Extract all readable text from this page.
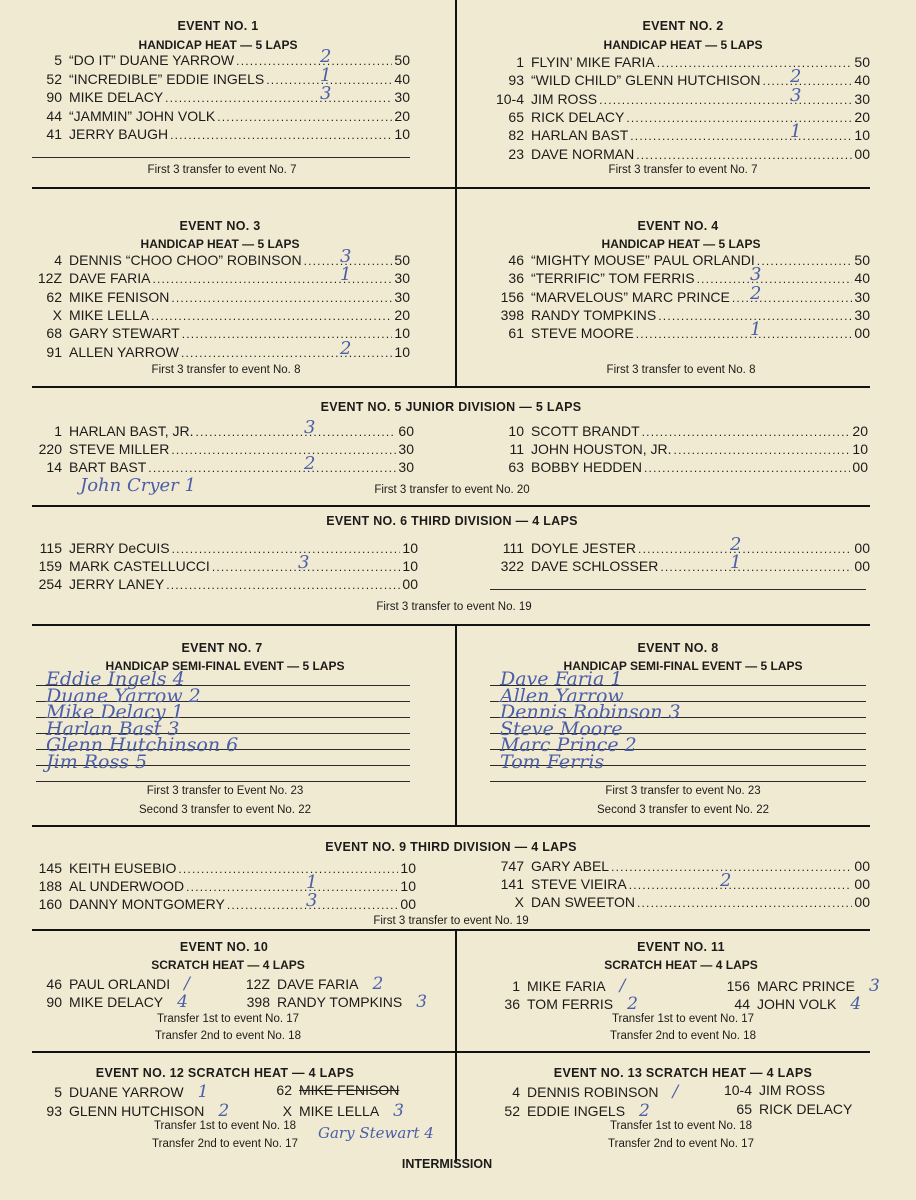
EVENT NO. 1
HANDICAP HEAT — 5 LAPS
First 3 transfer to event No. 7
EVENT NO. 2
HANDICAP HEAT — 5 LAPS
First 3 transfer to event No. 7
EVENT NO. 3
HANDICAP HEAT — 5 LAPS
First 3 transfer to event No. 8
EVENT NO. 4
HANDICAP HEAT — 5 LAPS
First 3 transfer to event No. 8
EVENT NO. 5 JUNIOR DIVISION — 5 LAPS
First 3 transfer to event No. 20
John Cryer 1
EVENT NO. 6 THIRD DIVISION — 4 LAPS
First 3 transfer to event No. 19
EVENT NO. 7
HANDICAP SEMI-FINAL EVENT — 5 LAPS
First 3 transfer to Event No. 23
Second 3 transfer to event No. 22
EVENT NO. 8
HANDICAP SEMI-FINAL EVENT — 5 LAPS
First 3 transfer to event No. 23
Second 3 transfer to event No. 22
EVENT NO. 9 THIRD DIVISION — 4 LAPS
First 3 transfer to event No. 19
EVENT NO. 10
SCRATCH HEAT — 4 LAPS
Transfer 1st to event No. 17
Transfer 2nd to event No. 18
EVENT NO. 11
SCRATCH HEAT — 4 LAPS
Transfer 1st to event No. 17
Transfer 2nd to event No. 18
EVENT NO. 12 SCRATCH HEAT — 4 LAPS
Transfer 1st to event No. 18
Transfer 2nd to event No. 17
Gary Stewart 4
EVENT NO. 13 SCRATCH HEAT — 4 LAPS
Transfer 1st to event No. 18
Transfer 2nd to event No. 17
INTERMISSION
5 “DO IT” DUANE YARROW .....	50
2
52 “INCREDIBLE” EDDIE INGELS .....	40
1
90 MIKE DELACY .....	30
3
44 “JAMMIN” JOHN VOLK .....	20
41 JERRY BAUGH .....	10
1 FLYIN’ MIKE FARIA .....	50
93 “WILD CHILD” GLENN HUTCHISON .....	40
2
10-4 JIM ROSS .....	30
3
65 RICK DELACY .....	20
82 HARLAN BAST .....	10
1
23 DAVE NORMAN .....	00
4 DENNIS “CHOO CHOO” ROBINSON .....	50
3
12Z DAVE FARIA .....	30
1
62 MIKE FENISON .....	30
X MIKE LELLA .....	20
68 GARY STEWART .....	10
91 ALLEN YARROW .....	10
2
46 “MIGHTY MOUSE” PAUL ORLANDI .....	50
36 “TERRIFIC” TOM FERRIS .....	40
3
156 “MARVELOUS” MARC PRINCE .....	30
2
398 RANDY TOMPKINS .....	30
61 STEVE MOORE .....	00
1
1 HARLAN BAST, JR. .....	60
3
220 STEVE MILLER .....	30
14 BART BAST .....	30
2
10 SCOTT BRANDT .....	20
11 JOHN HOUSTON, JR. .....	10
63 BOBBY HEDDEN .....	00
115 JERRY DeCUIS .....	10
159 MARK CASTELLUCCI .....	10
3
254 JERRY LANEY .....	00
111 DOYLE JESTER .....	00
2
322 DAVE SCHLOSSER .....	00
1
145 KEITH EUSEBIO .....	10
188 AL UNDERWOOD .....	10
1
160 DANNY MONTGOMERY .....	00
3
747 GARY ABEL .....	00
141 STEVE VIEIRA .....	00
2
X DAN SWEETON .....	00
Eddie Ingels 4
Duane Yarrow 2
Mike Delacy 1
Harlan Bast 3
Glenn Hutchinson 6
Jim Ross 5
Dave Faria 1
Allen Yarrow
Dennis Robinson 3
Steve Moore
Marc Prince 2
Tom Ferris
46 PAUL ORLANDI /	12Z DAVE FARIA 2
90 MIKE DELACY 4	398 RANDY TOMPKINS 3
1 MIKE FARIA /	156 MARC PRINCE 3
36 TOM FERRIS 2	44 JOHN VOLK 4
5 DUANE YARROW 1	62 MIKE FENISON
93 GLENN HUTCHISON 2	X MIKE LELLA 3
4 DENNIS ROBINSON /	10-4 JIM ROSS
52 EDDIE INGELS 2	65 RICK DELACY
